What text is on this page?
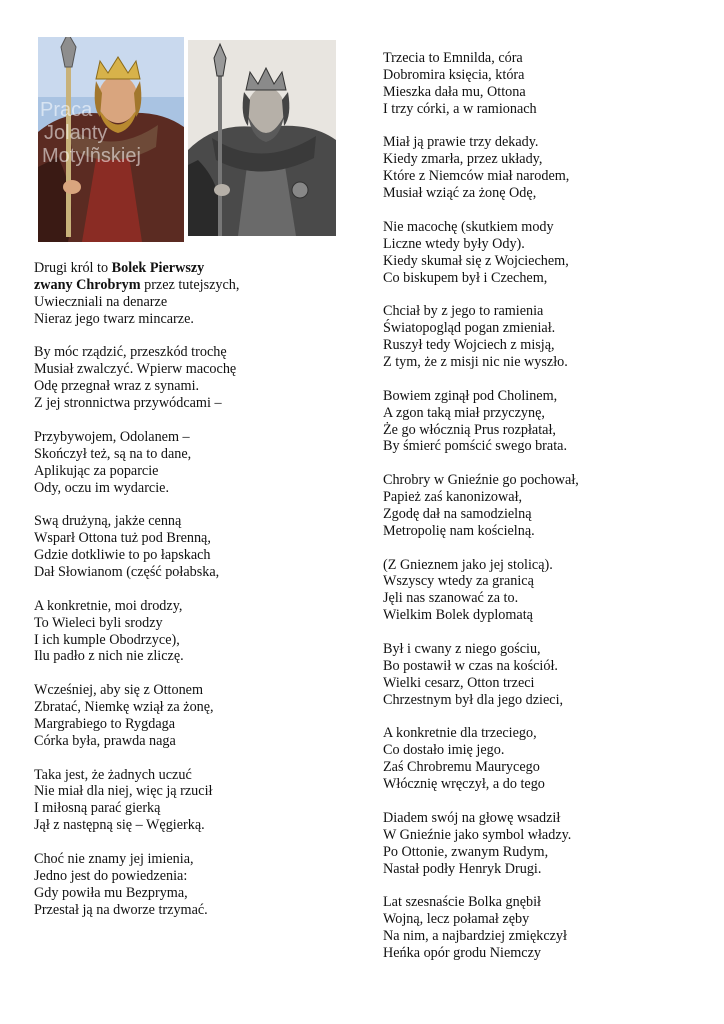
Praca
Jolanty
Motylñskiej
Drugi król to Bolek Pierwszy
zwany Chrobrym przez tutejszych,
Uwieczniali na denarze
Nieraz jego twarz mincarze.
By móc rządzić, przeszkód trochę
Musiał zwalczyć. Wpierw macochę
Odę przegnał wraz z synami.
Z jej stronnictwa przywódcami –
Przybywojem, Odolanem –
Skończył też, są na to dane,
Aplikując za poparcie
Ody, oczu im wydarcie.
Swą drużyną, jakże cenną
Wsparł Ottona tuż pod Brenną,
Gdzie dotkliwie to po łapskach
Dał Słowianom (część połabska,
A konkretnie, moi drodzy,
To Wieleci byli srodzy
I ich kumple Obodrzyce),
Ilu padło z nich nie zliczę.
Wcześniej, aby się z Ottonem
Zbratać, Niemkę wziął za żonę,
Margrabiego to Rygdaga
Córka była, prawda naga
Taka jest, że żadnych uczuć
Nie miał dla niej, więc ją rzucił
I miłosną parać gierką
Jął z następną się – Węgierką.
Choć nie znamy jej imienia,
Jedno jest do powiedzenia:
Gdy powiła mu Bezpryma,
Przestał ją na dworze trzymać.
Trzecia to Emnilda, córa
Dobromira księcia, która
Mieszka dała mu, Ottona
I trzy córki, a w ramionach
Miał ją prawie trzy dekady.
Kiedy zmarła, przez układy,
Które z Niemców miał narodem,
Musiał wziąć za żonę Odę,
Nie macochę (skutkiem mody
Liczne wtedy były Ody).
Kiedy skumał się z Wojciechem,
Co biskupem był i Czechem,
Chciał by z jego to ramienia
Światopogląd pogan zmieniał.
Ruszył tedy Wojciech z misją,
Z tym, że z misji nic nie wyszło.
Bowiem zginął pod Cholinem,
A zgon taką miał przyczynę,
Że go włócznią Prus rozpłatał,
By śmierć pomścić swego brata.
Chrobry w Gnieźnie go pochował,
Papież zaś kanonizował,
Zgodę dał na samodzielną
Metropolię nam kościelną.
(Z Gnieznem jako jej stolicą).
Wszyscy wtedy za granicą
Jęli nas szanować za to.
Wielkim Bolek dyplomatą
Był i cwany z niego gościu,
Bo postawił w czas na kościół.
Wielki cesarz, Otton trzeci
Chrzestnym był dla jego dzieci,
A konkretnie dla trzeciego,
Co dostało imię jego.
Zaś Chrobremu Maurycego
Włócznię wręczył, a do tego
Diadem swój na głowę wsadził
W Gnieźnie jako symbol władzy.
Po Ottonie, zwanym Rudym,
Nastał podły Henryk Drugi.
Lat szesnaście Bolka gnębił
Wojną, lecz połamał zęby
Na nim, a najbardziej zmiękczył
Heńka opór grodu Niemczy
